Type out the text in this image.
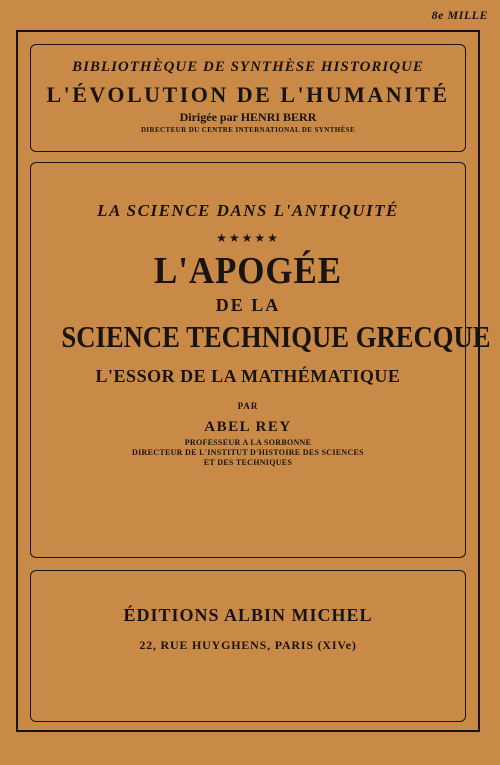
8e MILLE
BIBLIOTHÈQUE DE SYNTHÈSE HISTORIQUE
L'ÉVOLUTION DE L'HUMANITÉ
Dirigée par HENRI BERR
DIRECTEUR DU CENTRE INTERNATIONAL DE SYNTHÈSE
LA SCIENCE DANS L'ANTIQUITÉ
★★★★★
L'APOGÉE
DE LA
SCIENCE TECHNIQUE GRECQUE
L'ESSOR DE LA MATHÉMATIQUE
PAR
ABEL REY
PROFESSEUR A LA SORBONNE
DIRECTEUR DE L'INSTITUT D'HISTOIRE DES SCIENCES
ET DES TECHNIQUES
ÉDITIONS ALBIN MICHEL
22, RUE HUYGHENS, PARIS (XIVe)
